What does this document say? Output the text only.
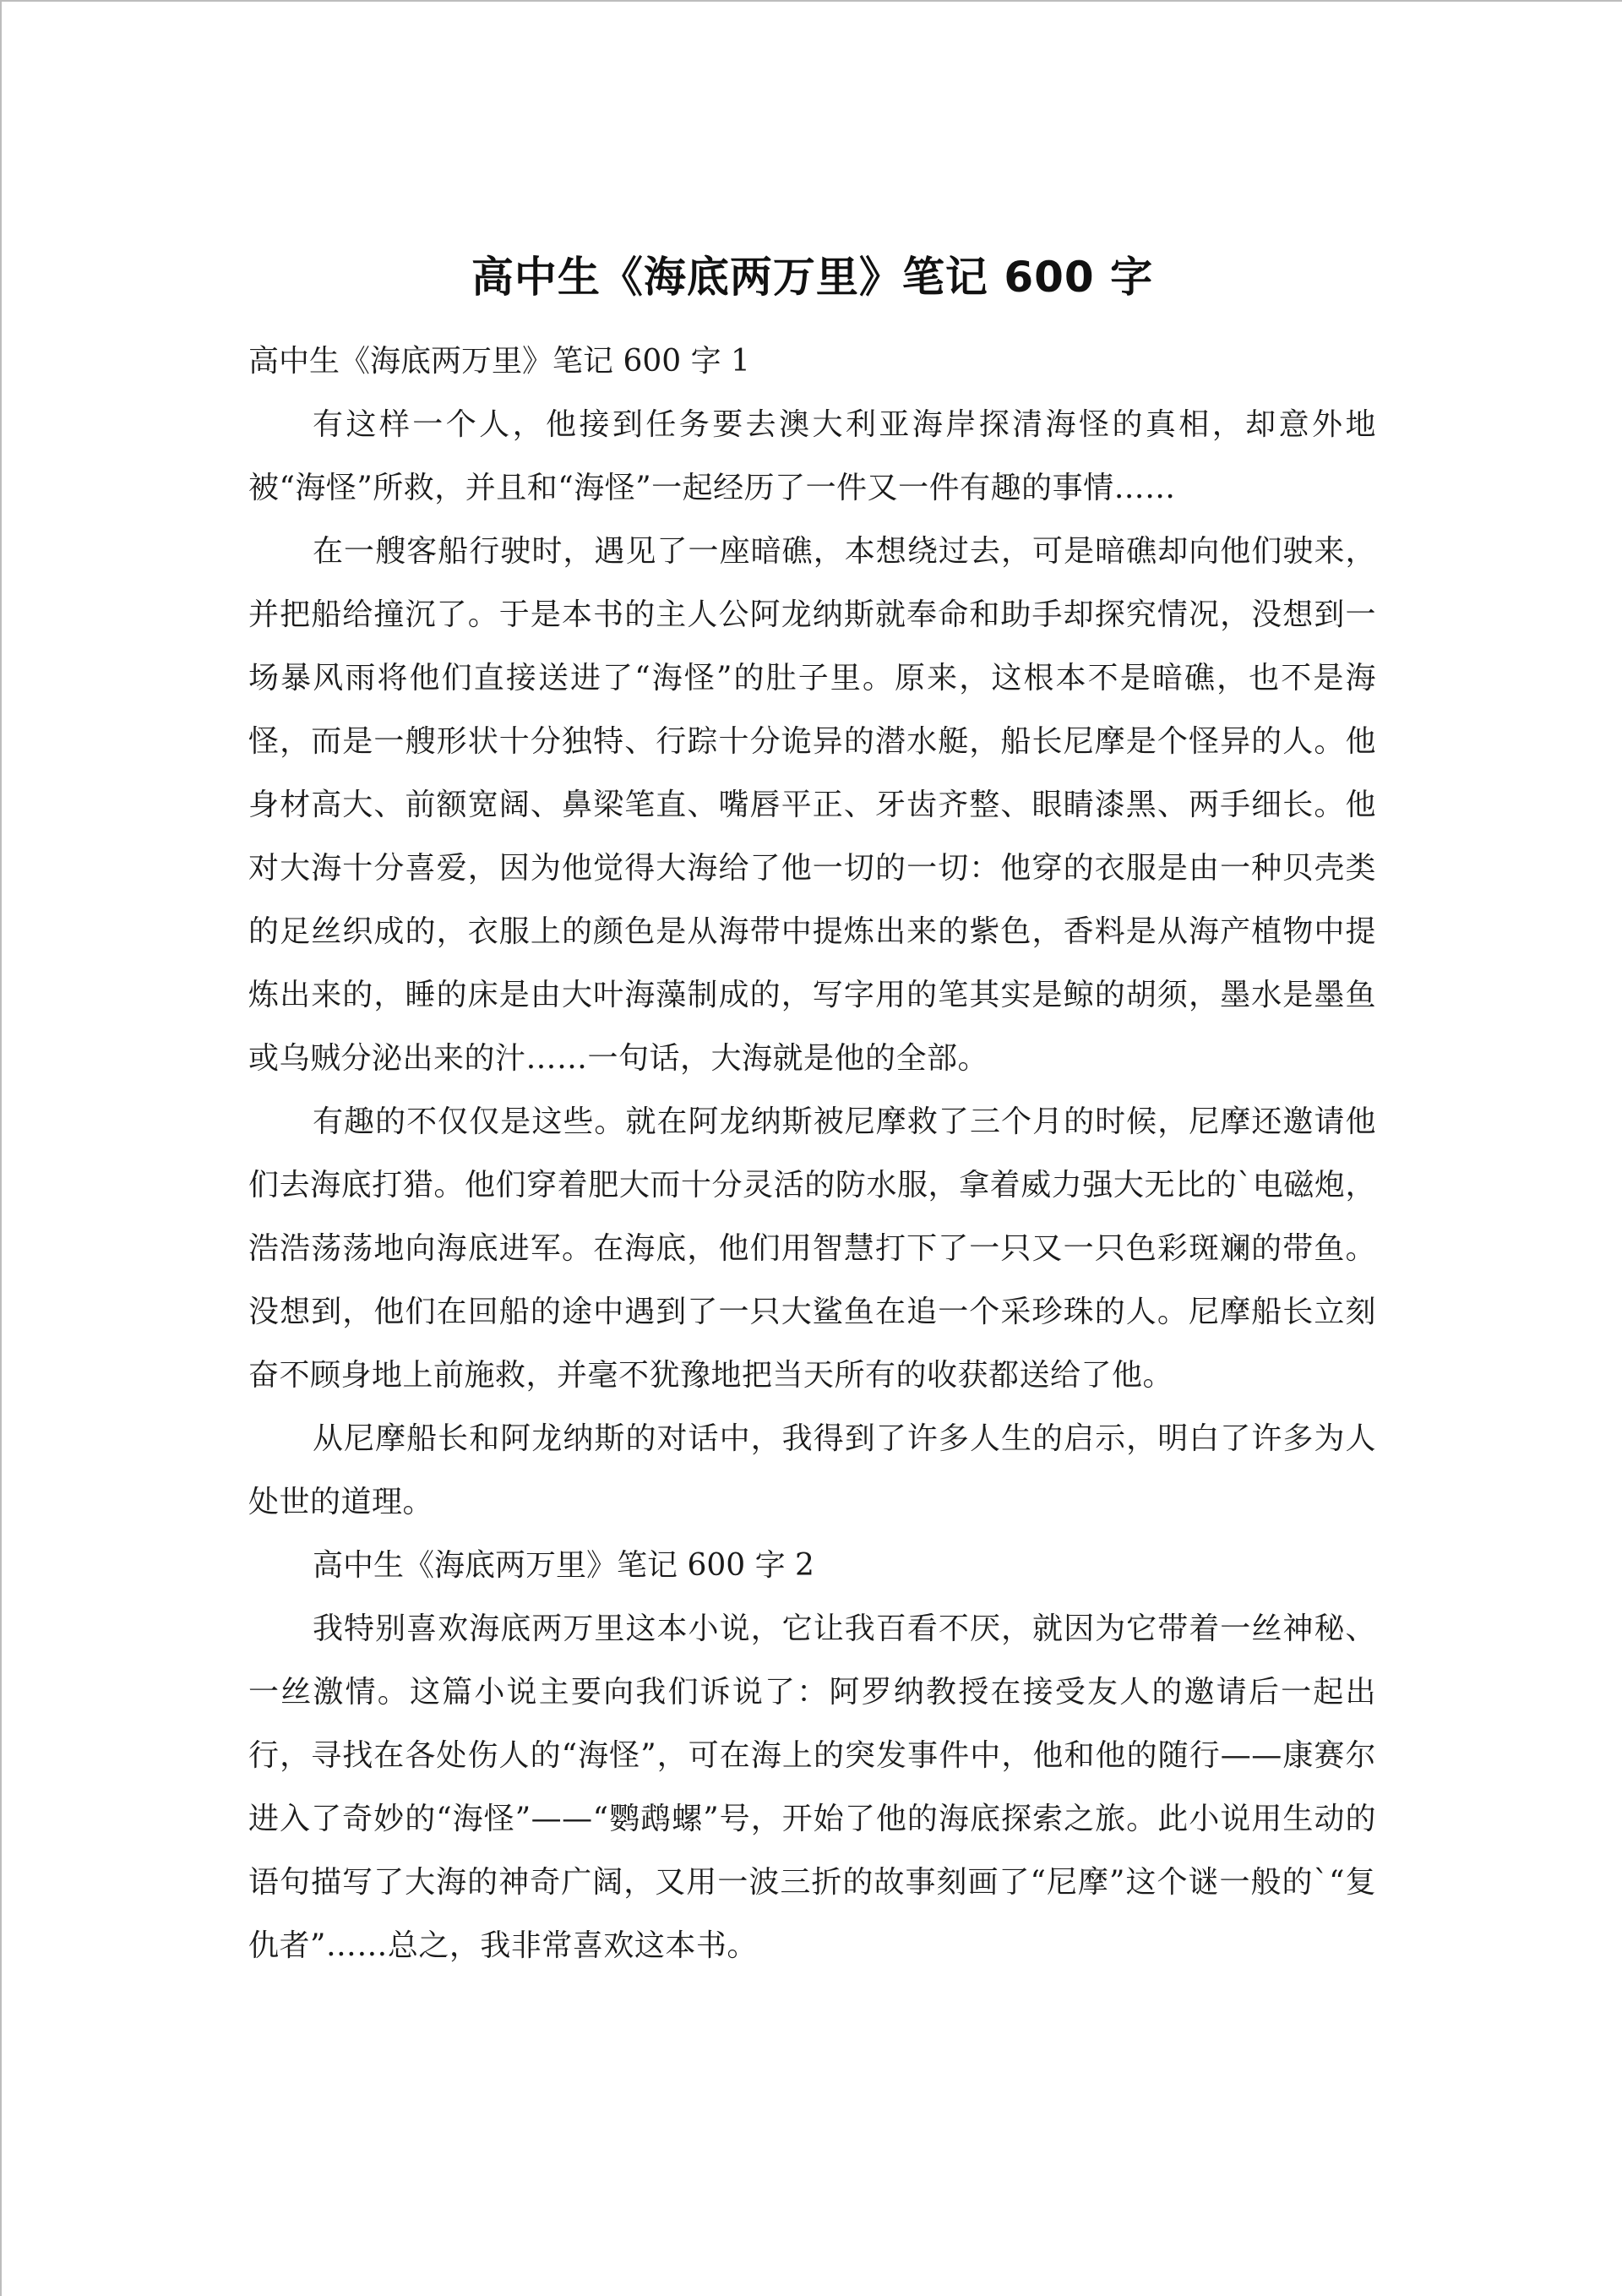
高中生《海底两万里》笔记 600 字
高中生《海底两万里》笔记 600 字 1

有这样一个人，他接到任务要去澳大利亚海岸探清海怪的真相，却意外地被“海怪”所救，并且和“海怪”一起经历了一件又一件有趣的事情……

在一艘客船行驶时，遇见了一座暗礁，本想绕过去，可是暗礁却向他们驶来，并把船给撞沉了。于是本书的主人公阿龙纳斯就奉命和助手却探究情况，没想到一场暴风雨将他们直接送进了“海怪”的肚子里。原来，这根本不是暗礁，也不是海怪，而是一艘形状十分独特、行踪十分诡异的潜水艇，船长尼摩是个怪异的人。他身材高大、前额宽阔、鼻梁笔直、嘴唇平正、牙齿齐整、眼睛漆黑、两手细长。他对大海十分喜爱，因为他觉得大海给了他一切的一切：他穿的衣服是由一种贝壳类的足丝织成的，衣服上的颜色是从海带中提炼出来的紫色，香料是从海产植物中提炼出来的，睡的床是由大叶海藻制成的，写字用的笔其实是鲸的胡须，墨水是墨鱼或乌贼分泌出来的汁……一句话，大海就是他的全部。

有趣的不仅仅是这些。就在阿龙纳斯被尼摩救了三个月的时候，尼摩还邀请他们去海底打猎。他们穿着肥大而十分灵活的防水服，拿着威力强大无比的`电磁炮，浩浩荡荡地向海底进军。在海底，他们用智慧打下了一只又一只色彩斑斓的带鱼。没想到，他们在回船的途中遇到了一只大鲨鱼在追一个采珍珠的人。尼摩船长立刻奋不顾身地上前施救，并毫不犹豫地把当天所有的收获都送给了他。

从尼摩船长和阿龙纳斯的对话中，我得到了许多人生的启示，明白了许多为人处世的道理。

高中生《海底两万里》笔记 600 字 2

我特别喜欢海底两万里这本小说，它让我百看不厌，就因为它带着一丝神秘、一丝激情。这篇小说主要向我们诉说了：阿罗纳教授在接受友人的邀请后一起出行，寻找在各处伤人的“海怪”，可在海上的突发事件中，他和他的随行——康赛尔进入了奇妙的“海怪”——“鹦鹉螺”号，开始了他的海底探索之旅。此小说用生动的语句描写了大海的神奇广阔，又用一波三折的故事刻画了“尼摩”这个谜一般的`“复仇者”……总之，我非常喜欢这本书。
